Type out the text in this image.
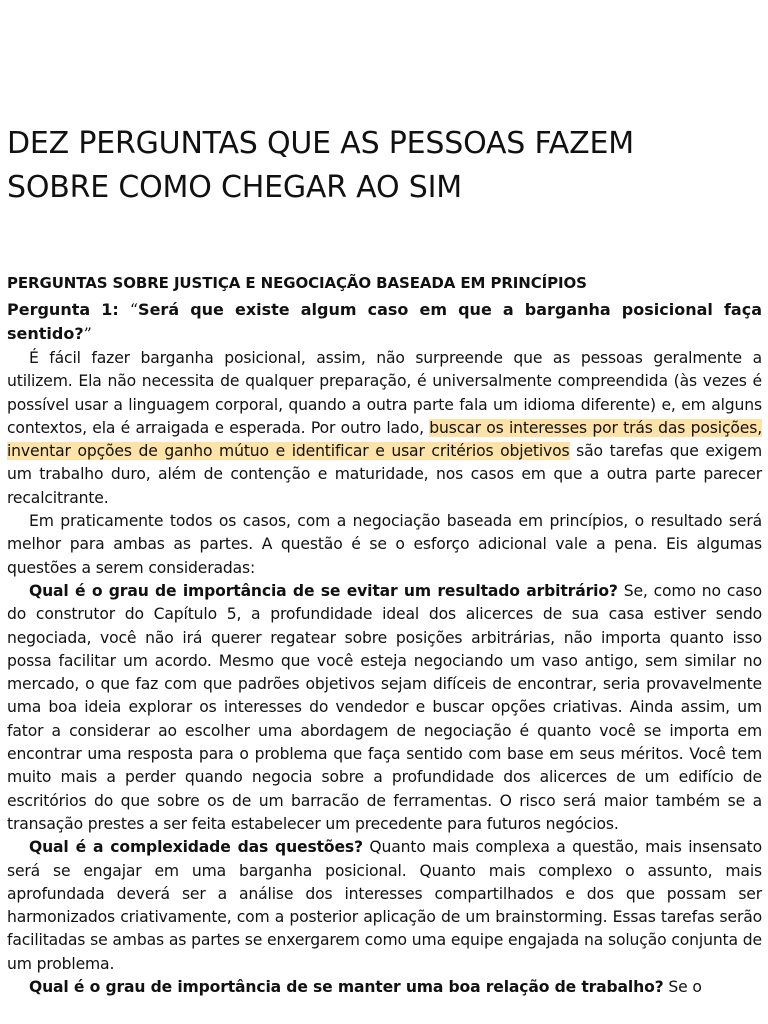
DEZ PERGUNTAS QUE AS PESSOAS FAZEM
SOBRE COMO CHEGAR AO SIM
PERGUNTAS SOBRE JUSTIÇA E NEGOCIAÇÃO BASEADA EM PRINCÍPIOS
Pergunta 1: “Será que existe algum caso em que a barganha posicional faça sentido?”

É fácil fazer barganha posicional, assim, não surpreende que as pessoas geralmente a utilizem. Ela não necessita de qualquer preparação, é universalmente compreendida (às vezes é possível usar a linguagem corporal, quando a outra parte fala um idioma diferente) e, em alguns contextos, ela é arraigada e esperada. Por outro lado, buscar os interesses por trás das posições, inventar opções de ganho mútuo e identificar e usar critérios objetivos são tarefas que exigem um trabalho duro, além de contenção e maturidade, nos casos em que a outra parte parecer recalcitrante.

Em praticamente todos os casos, com a negociação baseada em princípios, o resultado será melhor para ambas as partes. A questão é se o esforço adicional vale a pena. Eis algumas questões a serem consideradas:

Qual é o grau de importância de se evitar um resultado arbitrário? Se, como no caso do construtor do Capítulo 5, a profundidade ideal dos alicerces de sua casa estiver sendo negociada, você não irá querer regatear sobre posições arbitrárias, não importa quanto isso possa facilitar um acordo. Mesmo que você esteja negociando um vaso antigo, sem similar no mercado, o que faz com que padrões objetivos sejam difíceis de encontrar, seria provavelmente uma boa ideia explorar os interesses do vendedor e buscar opções criativas. Ainda assim, um fator a considerar ao escolher uma abordagem de negociação é quanto você se importa em encontrar uma resposta para o problema que faça sentido com base em seus méritos. Você tem muito mais a perder quando negocia sobre a profundidade dos alicerces de um edifício de escritórios do que sobre os de um barracão de ferramentas. O risco será maior também se a transação prestes a ser feita estabelecer um precedente para futuros negócios.

Qual é a complexidade das questões? Quanto mais complexa a questão, mais insensato será se engajar em uma barganha posicional. Quanto mais complexo o assunto, mais aprofundada deverá ser a análise dos interesses compartilhados e dos que possam ser harmonizados criativamente, com a posterior aplicação de um brainstorming. Essas tarefas serão facilitadas se ambas as partes se enxergarem como uma equipe engajada na solução conjunta de um problema.

Qual é o grau de importância de se manter uma boa relação de trabalho? Se o
